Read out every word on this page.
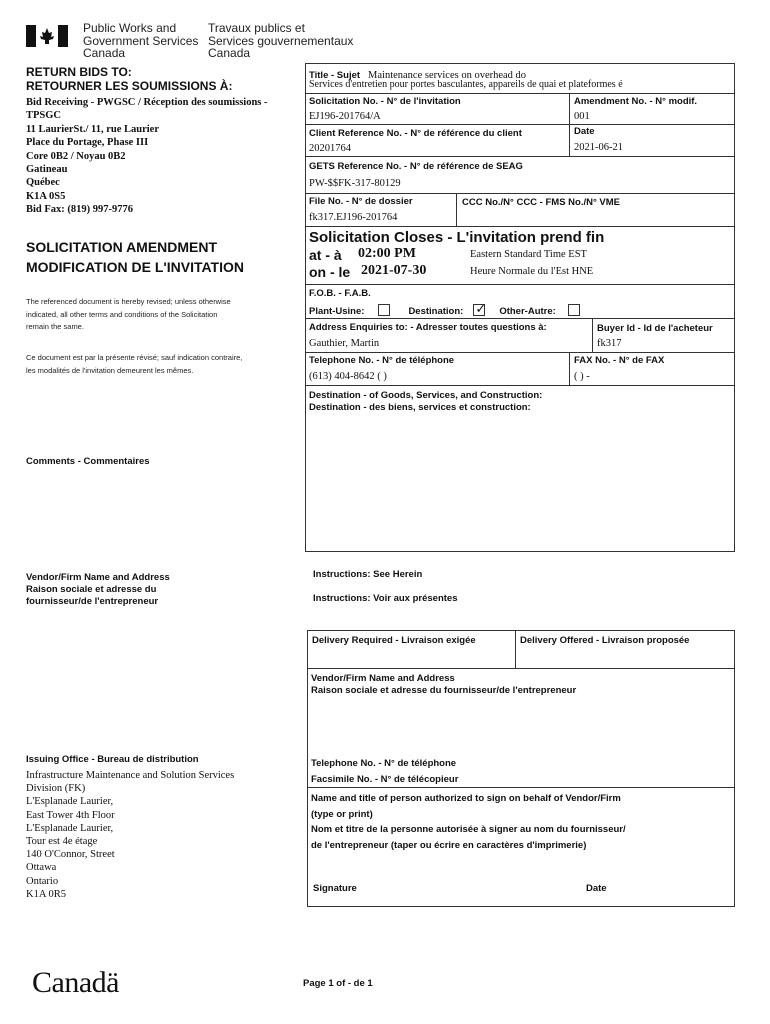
Public Works and
Government Services
Canada
Travaux publics et
Services gouvernementaux
Canada
RETURN BIDS TO:
RETOURNER LES SOUMISSIONS À:
Bid Receiving - PWGSC / Réception des soumissions -
TPSGC
11 LaurierSt./ 11, rue Laurier
Place du Portage, Phase III
Core 0B2 / Noyau 0B2
Gatineau
Québec
K1A 0S5
Bid Fax: (819) 997-9776
SOLICITATION AMENDMENT
MODIFICATION DE L'INVITATION
The referenced document is hereby revised; unless otherwise
indicated, all other terms and conditions of the Solicitation
remain the same.
Ce document est par la présente révisé; sauf indication contraire,
les modalités de l'invitation demeurent les mêmes.
Comments - Commentaires
Vendor/Firm Name and Address
Raison sociale et adresse du
fournisseur/de l'entrepreneur
Issuing Office - Bureau de distribution
Infrastructure Maintenance and Solution Services
Division (FK)
L'Esplanade Laurier,
East Tower 4th Floor
L'Esplanade Laurier,
Tour est 4e étage
140 O'Connor, Street
Ottawa
Ontario
K1A 0R5
Title - Sujet Maintenance services on overhead do
Services d'entretien pour portes basculantes, appareils de quai et plateformes é
Solicitation No. - N° de l'invitation
EJ196-201764/A
Amendment No. - N° modif.
001
Client Reference No. - N° de référence du client
20201764
Date
2021-06-21
GETS Reference No. - N° de référence de SEAG
PW-$$FK-317-80129
File No. - N° de dossier
fk317.EJ196-201764
CCC No./N° CCC - FMS No./N° VME
Solicitation Closes - L'invitation prend fin
at - à 02:00 PM	Eastern Standard Time EST
on - le 2021-07-30	Heure Normale du l'Est HNE
F.O.B. - F.A.B.
Plant-Usine:	Destination: ✓ Other-Autre:
Address Enquiries to: - Adresser toutes questions à:
Gauthier, Martin
Buyer Id - Id de l'acheteur
fk317
Telephone No. - N° de téléphone
(613) 404-8642 ( )
FAX No. - N° de FAX
( ) -
Destination - of Goods, Services, and Construction:
Destination - des biens, services et construction:
Instructions: See Herein
Instructions: Voir aux présentes
Delivery Required - Livraison exigée	Delivery Offered - Livraison proposée
Vendor/Firm Name and Address
Raison sociale et adresse du fournisseur/de l'entrepreneur
Telephone No. - N° de téléphone
Facsimile No. - N° de télécopieur
Name and title of person authorized to sign on behalf of Vendor/Firm
(type or print)
Nom et titre de la personne autorisée à signer au nom du fournisseur/
de l'entrepreneur (taper ou écrire en caractères d'imprimerie)
Signature	Date
Canadä	Page 1 of - de 1
